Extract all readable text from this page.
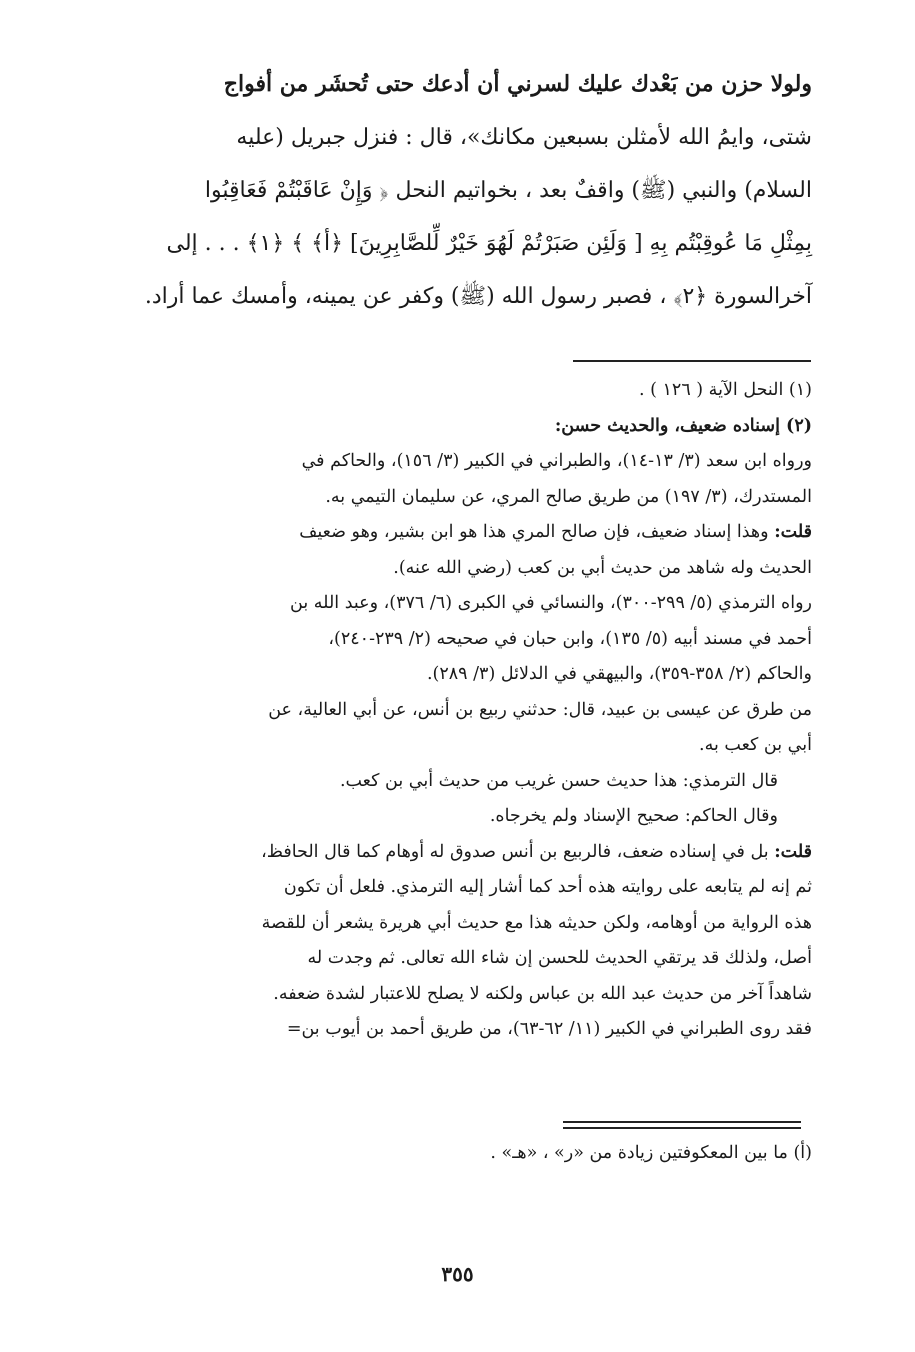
ولولا حزن من بَعْدك عليك لسرني أن أدعك حتى تُحشَر من أفواج

شتى، وايمُ الله لأمثلن بسبعين مكانك»، قال : فنزل جبريل (عليه

السلام) والنبي (ﷺ) واقفٌ بعد ، بخواتيم النحل ﴿ وَإِنْ عَاقَبْتُمْ فَعَاقِبُوا

بِمِثْلِ مَا عُوقِبْتُم بِهِ [ وَلَئِن صَبَرْتُمْ لَهُوَ خَيْرٌ لِّلصَّابِرِينَ] ﴿أ﴾ ﴾ ﴿١﴾ . . . إلى

آخرالسورة ﴿٢﴾ ، فصبر رسول الله (ﷺ) وكفر عن يمينه، وأمسك عما أراد.

(١) النحل الآية ( ١٢٦ ) .

(٢) إسناده ضعيف، والحديث حسن:

ورواه ابن سعد (٣/ ١٣-١٤)، والطبراني في الكبير (٣/ ١٥٦)، والحاكم في

المستدرك، (٣/ ١٩٧) من طريق صالح المري، عن سليمان التيمي به.

قلت: وهذا إسناد ضعيف، فإن صالح المري هذا هو ابن بشير، وهو ضعيف

الحديث وله شاهد من حديث أبي بن كعب (رضي الله عنه).

رواه الترمذي (٥/ ٢٩٩-٣٠٠)، والنسائي في الكبرى (٦/ ٣٧٦)، وعبد الله بن

أحمد في مسند أبيه (٥/ ١٣٥)، وابن حبان في صحيحه (٢/ ٢٣٩-٢٤٠)،

والحاكم (٢/ ٣٥٨-٣٥٩)، والبيهقي في الدلائل (٣/ ٢٨٩).

من طرق عن عيسى بن عبيد، قال: حدثني ربيع بن أنس، عن أبي العالية، عن

أبي بن كعب به.

قال الترمذي: هذا حديث حسن غريب من حديث أبي بن كعب.

وقال الحاكم: صحيح الإسناد ولم يخرجاه.

قلت: بل في إسناده ضعف، فالربيع بن أنس صدوق له أوهام كما قال الحافظ،

ثم إنه لم يتابعه على روايته هذه أحد كما أشار إليه الترمذي. فلعل أن تكون

هذه الرواية من أوهامه، ولكن حديثه هذا مع حديث أبي هريرة يشعر أن للقصة

أصل، ولذلك قد يرتقي الحديث للحسن إن شاء الله تعالى. ثم وجدت له

شاهداً آخر من حديث عبد الله بن عباس ولكنه لا يصلح للاعتبار لشدة ضعفه.

فقد روى الطبراني في الكبير (١١/ ٦٢-٦٣)، من طريق أحمد بن أيوب بن=

(أ) ما بين المعكوفتين زيادة من «ر» ، «هـ» .
٣٥٥
